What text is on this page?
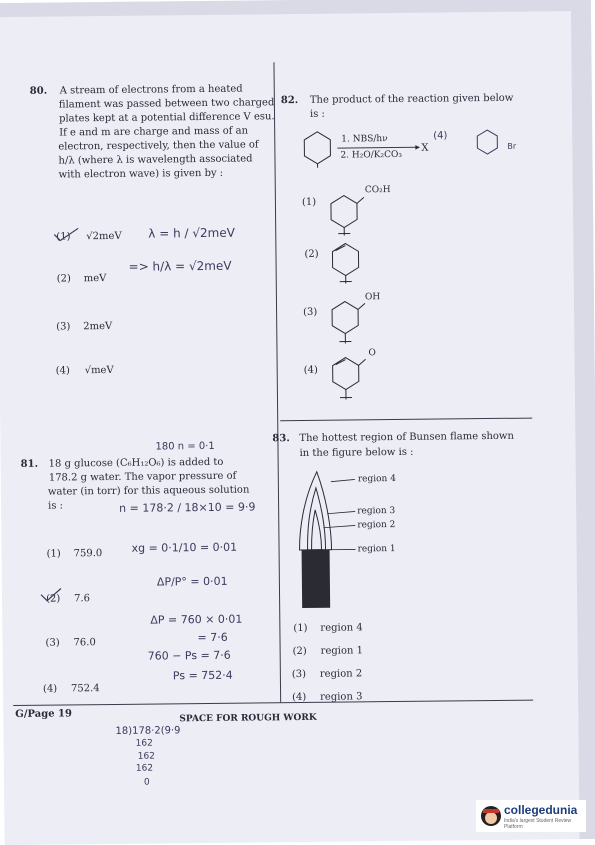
80. A stream of electrons from a heated
filament was passed between two charged
plates kept at a potential difference V esu.
If e and m are charge and mass of an
electron, respectively, then the value of
h/λ (where λ is wavelength associated
with electron wave) is given by :
(1) √2meV
(2) meV
(3) 2meV
(4) √meV
λ = h / √2meV
=> h/λ = √2meV
180 n = 0·1
81. 18 g glucose (C₆H₁₂O₆) is added to
178.2 g water. The vapor pressure of
water (in torr) for this aqueous solution
is :	n = 178·2 / 18×10 = 9·9
(1) 759.0
(2) 7.6
(3) 76.0
(4) 752.4
xg = 0·1/10 = 0·01
ΔP/P° = 0·01
ΔP = 760 × 0·01
= 7·6
760 − Ps = 7·6
Ps = 752·4
82. The product of the reaction given below
is :
1. NBS/hν
▸
2. H₂O/K₂CO₃
X
(4)
Br
(1)
CO₂H
(2)
(3)
OH
(4)
O
83. The hottest region of Bunsen flame shown
in the figure below is :
region 4
region 3
region 2
region 1
(1) region 4
(2) region 1
(3) region 2
(4) region 3
G/Page 19	SPACE FOR ROUGH WORK
18)178·2(9·9
162
162
162
0
collegedunia
India's largest Student Review Platform
